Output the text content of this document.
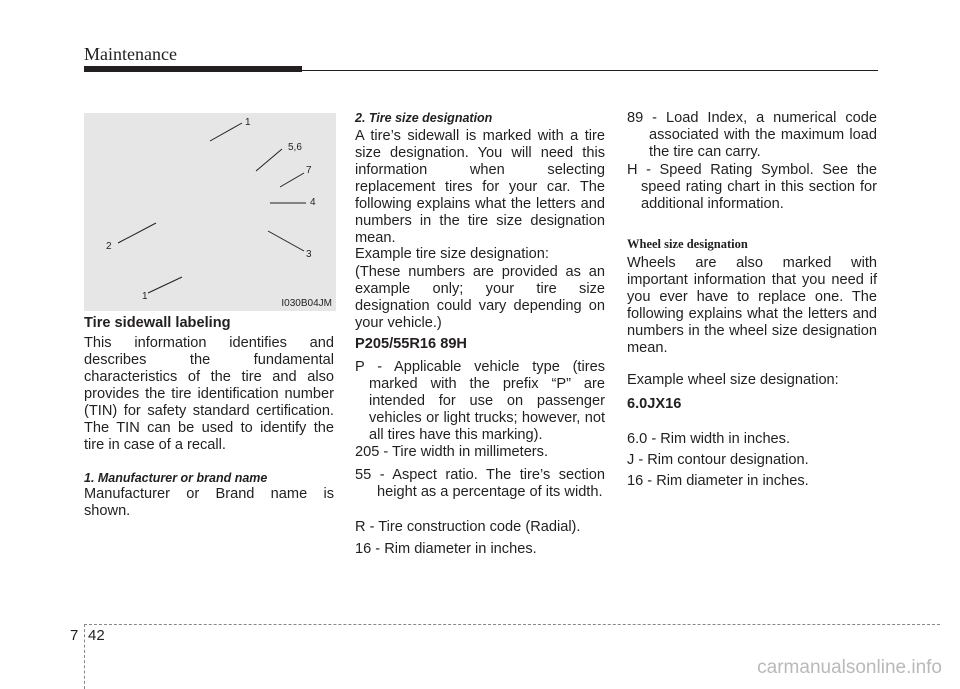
Maintenance
1
5,6
7
4
3
2
1
I030B04JM
Tire sidewall labeling
This information identifies and describes the fundamental characteristics of the tire and also provides the tire identification number (TIN) for safety standard certification. The TIN can be used to identify the tire in case of a recall.
1. Manufacturer or brand name
Manufacturer or Brand name is shown.
2. Tire size designation
A tire’s sidewall is marked with a tire size designation. You will need this information when selecting replacement tires for your car. The following explains what the letters and numbers in the tire size designation mean.
Example tire size designation:
(These numbers are provided as an example only; your tire size designation could vary depending on your vehicle.)
P205/55R16 89H
P - Applicable vehicle type (tires marked with the prefix “P” are intended for use on passenger vehicles or light trucks; however, not all tires have this marking).
205 - Tire width in millimeters.
55 - Aspect ratio. The tire’s section height as a percentage of its width.
R - Tire construction code (Radial).
16 - Rim diameter in inches.
89 - Load Index, a numerical code associated with the maximum load the tire can carry.
H - Speed Rating Symbol. See the speed rating chart in this section for additional information.
Wheel size designation
Wheels are also marked with important information that you need if you ever have to replace one. The following explains what the letters and numbers in the wheel size designation mean.
Example wheel size designation:
6.0JX16
6.0 - Rim width in inches.
J - Rim contour designation.
16 - Rim diameter in inches.
7 42
carmanualsonline.info
